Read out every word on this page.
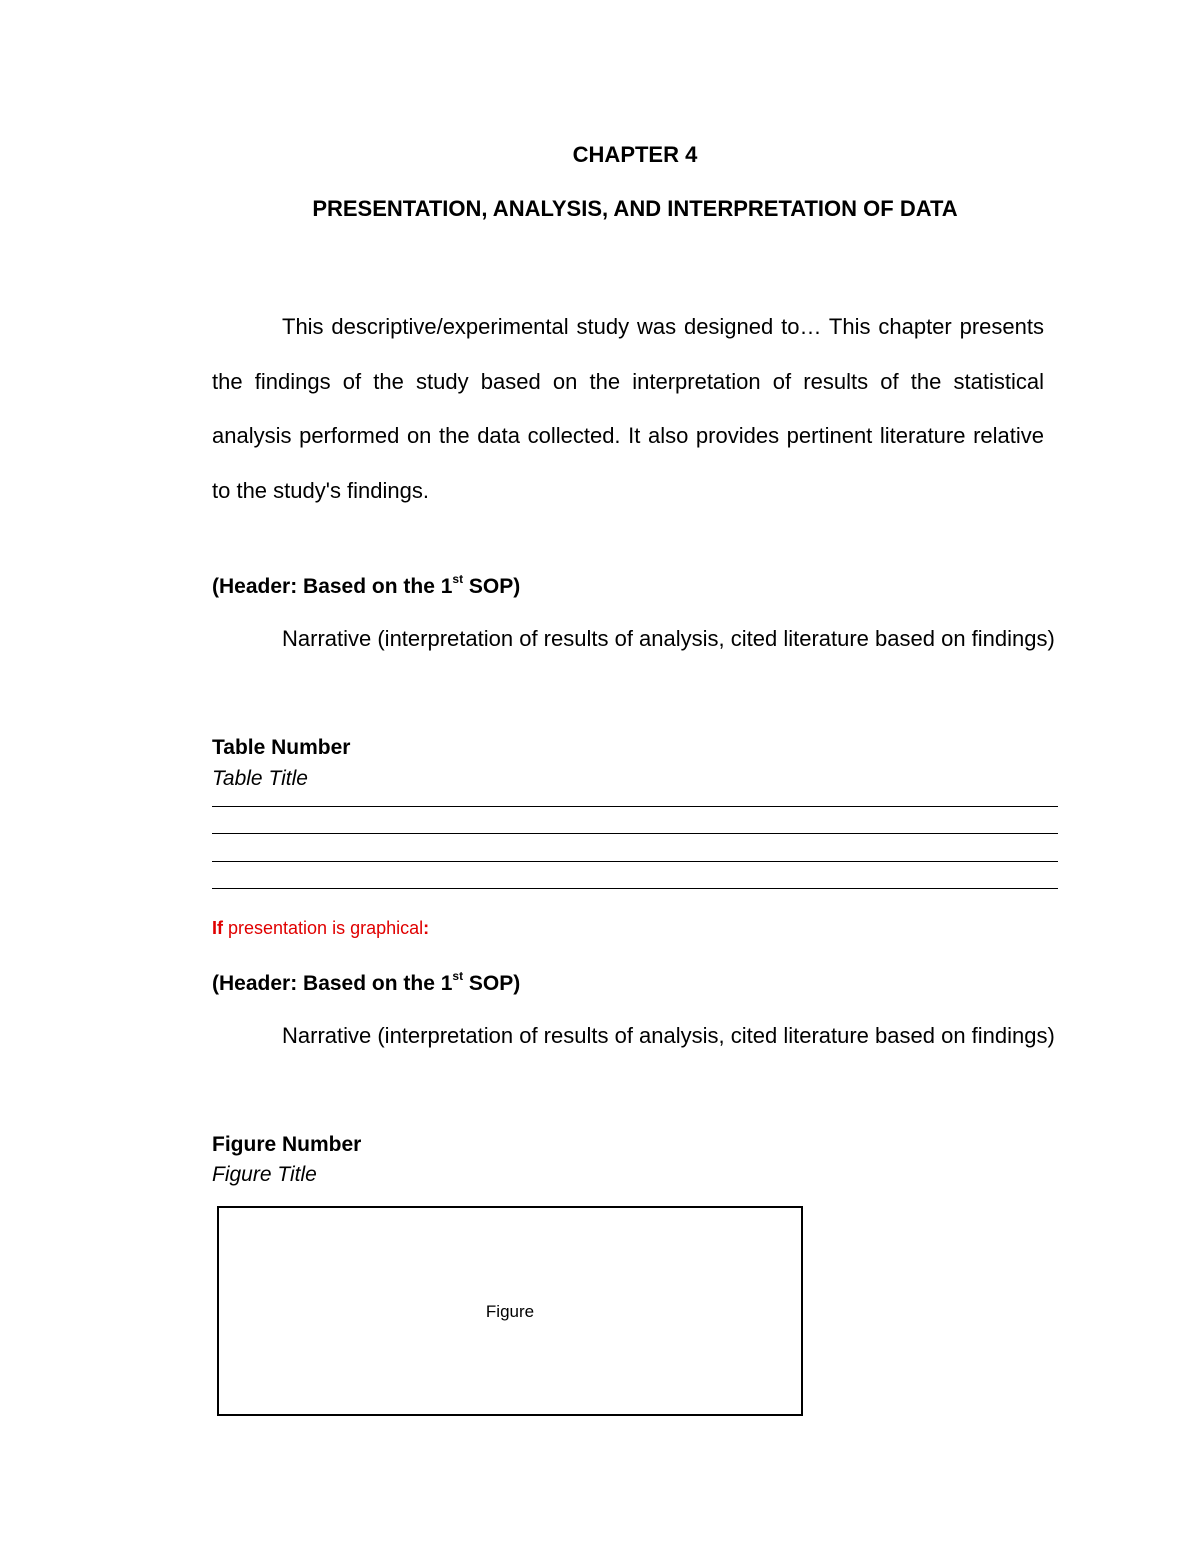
CHAPTER 4
PRESENTATION, ANALYSIS, AND INTERPRETATION OF DATA

This descriptive/experimental study was designed to… This chapter presents the findings of the study based on the interpretation of results of the statistical analysis performed on the data collected. It also provides pertinent literature relative to the study's findings.

(Header: Based on the 1st SOP)

Narrative (interpretation of results of analysis, cited literature based on findings)

Table Number
Table Title
If presentation is graphical:
(Header: Based on the 1st SOP)

Narrative (interpretation of results of analysis, cited literature based on findings)

Figure Number
Figure Title
Figure
